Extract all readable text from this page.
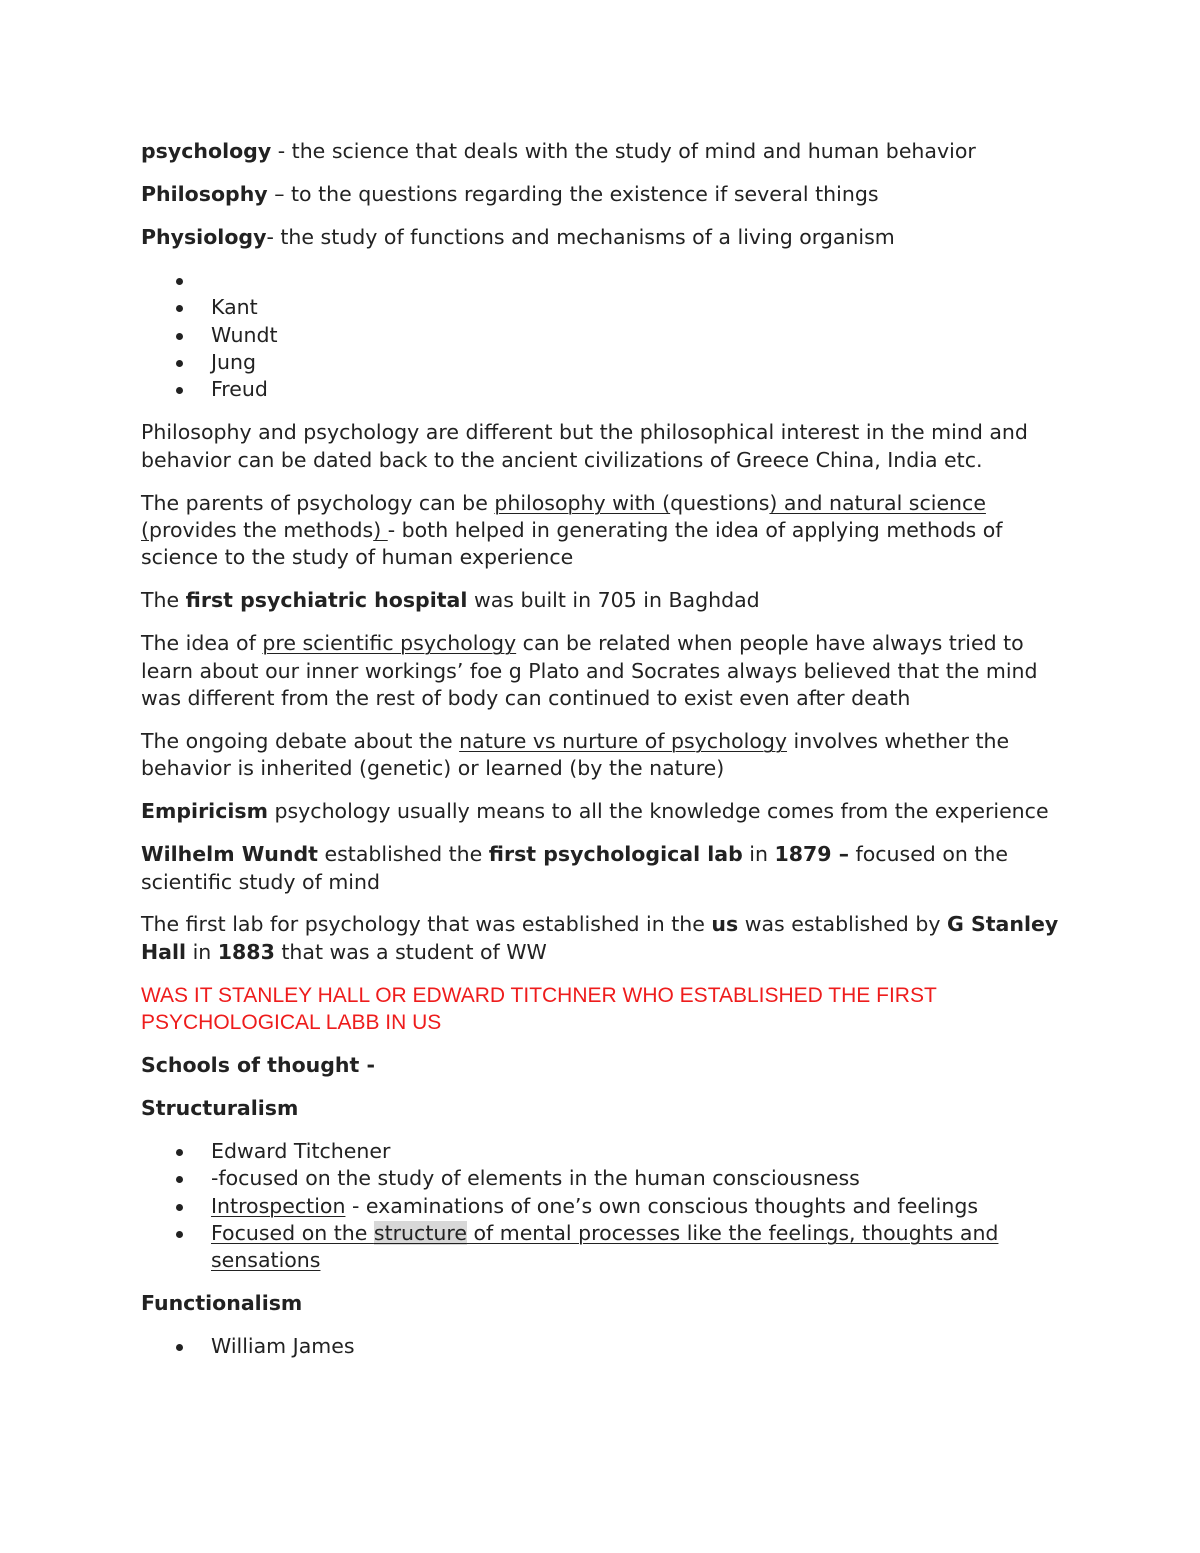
psychology - the science that deals with the study of mind and human behavior

Philosophy – to the questions regarding the existence if several things

Physiology- the study of functions and mechanisms of a living organism

Kant
Wundt
Jung
Freud

Philosophy and psychology are different but the philosophical interest in the mind and behavior can be dated back to the ancient civilizations of Greece China, India etc.

The parents of psychology can be philosophy with (questions) and natural science (provides the methods) - both helped in generating the idea of applying methods of science to the study of human experience

The first psychiatric hospital was built in 705 in Baghdad

The idea of pre scientific psychology can be related when people have always tried to learn about our inner workings’ foe g Plato and Socrates always believed that the mind was different from the rest of body can continued to exist even after death

The ongoing debate about the nature vs nurture of psychology involves whether the behavior is inherited (genetic) or learned (by the nature)

Empiricism psychology usually means to all the knowledge comes from the experience

Wilhelm Wundt established the first psychological lab in 1879 – focused on the scientific study of mind

The first lab for psychology that was established in the us was established by G Stanley Hall in 1883 that was a student of WW

WAS IT STANLEY HALL OR EDWARD TITCHNER WHO ESTABLISHED THE FIRST PSYCHOLOGICAL LABB IN US

Schools of thought -

Structuralism

Edward Titchener
-focused on the study of elements in the human consciousness
Introspection - examinations of one’s own conscious thoughts and feelings
Focused on the structure of mental processes like the feelings, thoughts and sensations

Functionalism

William James
